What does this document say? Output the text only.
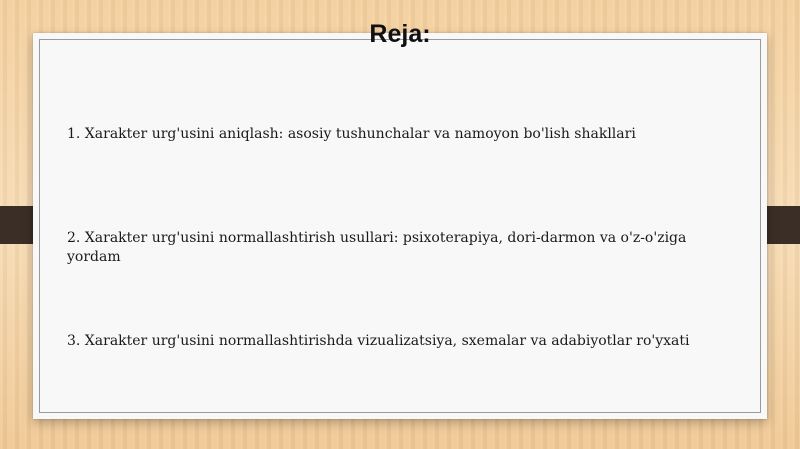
Reja:

1. Xarakter urg'usini aniqlash: asosiy tushunchalar va namoyon bo'lish shakllari

2. Xarakter urg'usini normallashtirish usullari: psixoterapiya, dori-darmon va o'z-o'ziga yordam

3. Xarakter urg'usini normallashtirishda vizualizatsiya, sxemalar va adabiyotlar ro'yxati
